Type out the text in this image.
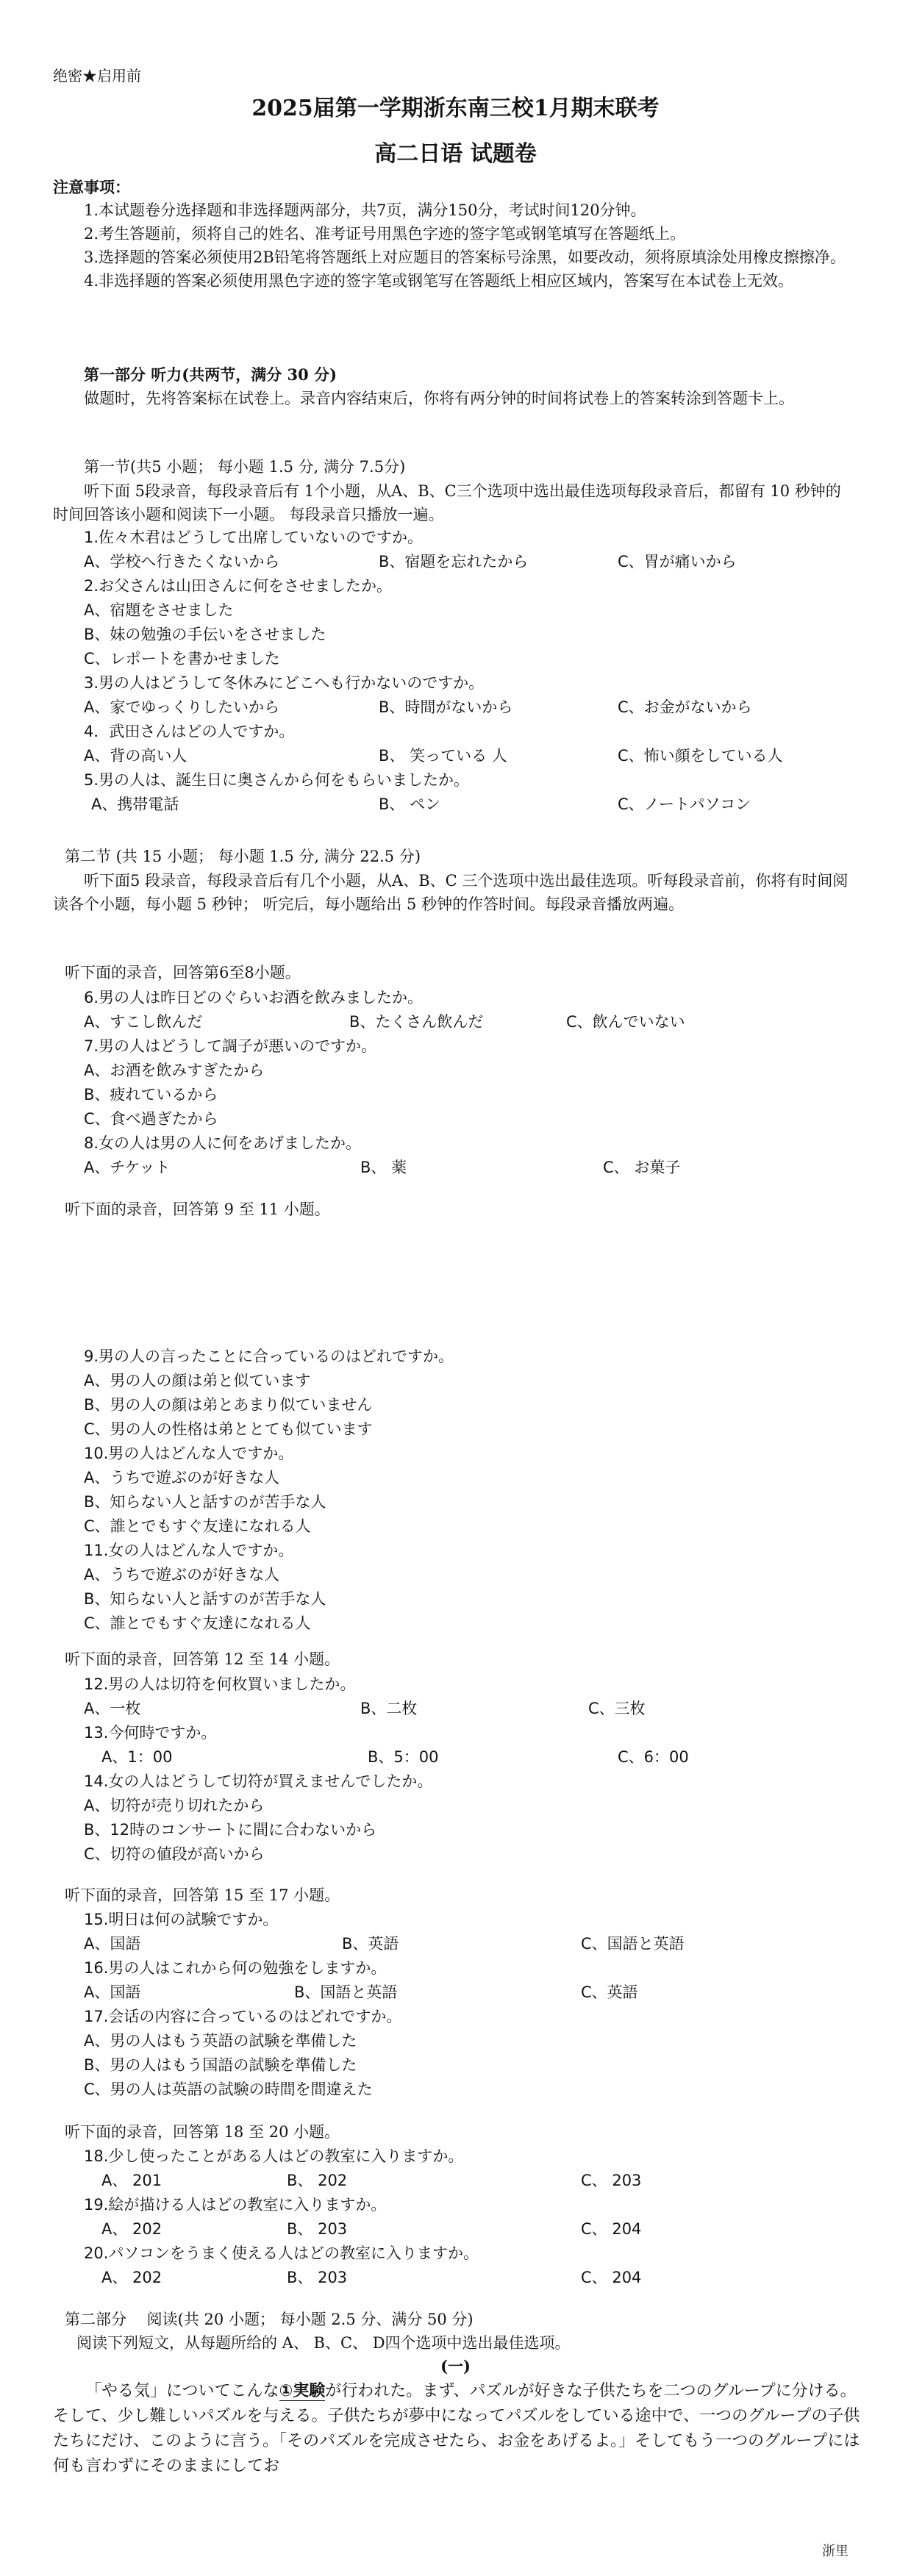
绝密★启用前
2025届第一学期浙东南三校1月期末联考
高二日语 试题卷
注意事项：

1.本试题卷分选择题和非选择题两部分，共7页，满分150分，考试时间120分钟。

2.考生答题前，须将自己的姓名、准考证号用黑色字迹的签字笔或钢笔填写在答题纸上。

3.选择题的答案必须使用2B铅笔将答题纸上对应题目的答案标号涂黑，如要改动，须将原填涂处用橡皮擦擦净。

4.非选择题的答案必须使用黑色字迹的签字笔或钢笔写在答题纸上相应区域内，答案写在本试卷上无效。

第一部分 听力(共两节，满分 30 分)

做题时，先将答案标在试卷上。录音内容结束后，你将有两分钟的时间将试卷上的答案转涂到答题卡上。

第一节(共5 小题； 每小题 1.5 分, 满分 7.5分)

听下面 5段录音，每段录音后有 1个小题，从A、B、C三个选项中选出最佳选项每段录音后，都留有 10 秒钟的时间回答该小题和阅读下一小题。 每段录音只播放一遍。

1.佐々木君はどうして出席していないのですか。
A、学校へ行きたくないから	B、宿題を忘れたから	C、胃が痛いから
2.お父さんは山田さんに何をさせましたか。
A、宿題をさせました
B、妹の勉強の手伝いをさせました
C、レポートを書かせました
3.男の人はどうして冬休みにどこへも行かないのですか。
A、家でゆっくりしたいから	B、時間がないから	C、お金がないから
4．武田さんはどの人ですか。
A、背の高い人	B、 笑っている 人	C、怖い顔をしている人
5.男の人は、誕生日に奥さんから何をもらいましたか。
A、携帯電話	B、 ペン	C、ノートパソコン
第二节 (共 15 小题； 每小题 1.5 分, 满分 22.5 分)

听下面5 段录音，每段录音后有几个小题，从A、B、C 三个选项中选出最佳选项。听每段录音前，你将有时间阅读各个小题，每小题 5 秒钟； 听完后，每小题给出 5 秒钟的作答时间。每段录音播放两遍。

听下面的录音，回答第6至8小题。
6.男の人は昨日どのぐらいお酒を飲みましたか。
A、すこし飲んだ	B、たくさん飲んだ	C、飲んでいない
7.男の人はどうして調子が悪いのですか。
A、お酒を飲みすぎたから
B、疲れているから
C、食べ過ぎたから
8.女の人は男の人に何をあげましたか。
A、チケット	B、 薬	C、 お菓子
听下面的录音，回答第 9 至 11 小题。
9.男の人の言ったことに合っているのはどれですか。
A、男の人の顔は弟と似ています
B、男の人の顔は弟とあまり似ていません
C、男の人の性格は弟ととても似ています
10.男の人はどんな人ですか。
A、うちで遊ぶのが好きな人
B、知らない人と話すのが苦手な人
C、誰とでもすぐ友達になれる人
11.女の人はどんな人ですか。
A、うちで遊ぶのが好きな人
B、知らない人と話すのが苦手な人
C、誰とでもすぐ友達になれる人
听下面的录音，回答第 12 至 14 小题。
12.男の人は切符を何枚買いましたか。
A、一枚	B、二枚	C、三枚
13.今何時ですか。
A、1：00	B、5：00	C、6：00
14.女の人はどうして切符が買えませんでしたか。
A、切符が売り切れたから
B、12時のコンサートに間に合わないから
C、切符の値段が高いから
听下面的录音，回答第 15 至 17 小题。
15.明日は何の試験ですか。
A、国語	B、英語	C、国語と英語
16.男の人はこれから何の勉強をしますか。
A、国語	B、国語と英語	C、英語
17.会话の内容に合っているのはどれですか。
A、男の人はもう英語の試験を準備した
B、男の人はもう国語の試験を準備した
C、男の人は英語の試験の時間を間違えた
听下面的录音，回答第 18 至 20 小题。
18.少し使ったことがある人はどの教室に入りますか。
A、 201	B、 202	C、 203
19.絵が描ける人はどの教室に入りますか。
A、 202	B、 203	C、 204
20.パソコンをうまく使える人はどの教室に入りますか。
A、 202	B、 203	C、 204
第二部分　 阅读(共 20 小题； 每小题 2.5 分、满分 50 分)
阅读下列短文，从每题所给的 A、 B、C、 D四个选项中选出最佳选项。
(一)

「やる気」についてこんな①実験が行われた。まず、パズルが好きな子供たちを二つのグループに分ける。そして、少し難しいパズルを与える。子供たちが夢中になってパズルをしている途中で、一つのグループの子供たちにだけ、このように言う。「そのパズルを完成させたら、お金をあげるよ。」そしてもう一つのグループには何も言わずにそのままにしてお

浙里
